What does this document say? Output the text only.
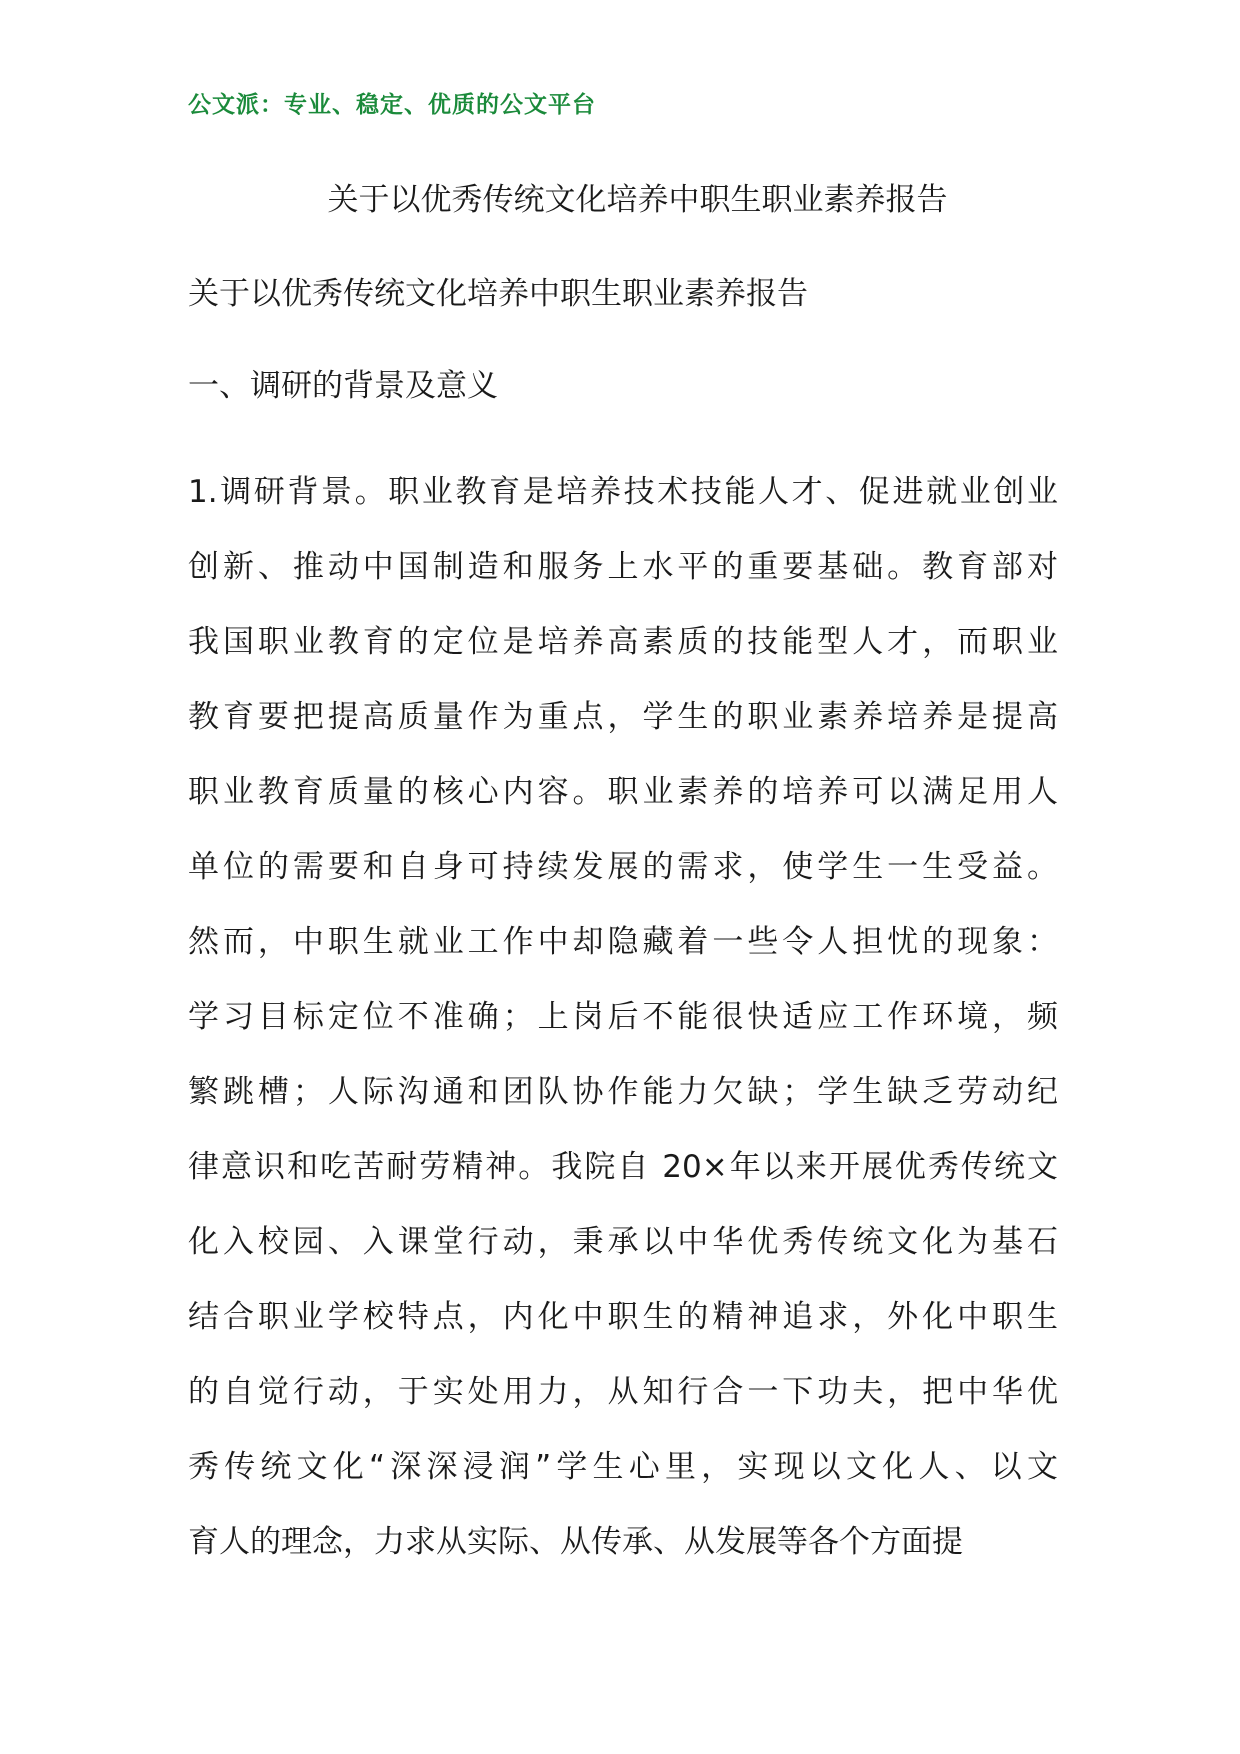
公文派：专业、稳定、优质的公文平台
关于以优秀传统文化培养中职生职业素养报告
关于以优秀传统文化培养中职生职业素养报告
一、调研的背景及意义
1.调研背景。职业教育是培养技术技能人才、促进就业创业
创新、推动中国制造和服务上水平的重要基础。教育部对
我国职业教育的定位是培养高素质的技能型人才，而职业
教育要把提高质量作为重点，学生的职业素养培养是提高
职业教育质量的核心内容。职业素养的培养可以满足用人
单位的需要和自身可持续发展的需求，使学生一生受益。
然而，中职生就业工作中却隐藏着一些令人担忧的现象：
学习目标定位不准确；上岗后不能很快适应工作环境，频
繁跳槽；人际沟通和团队协作能力欠缺；学生缺乏劳动纪
律意识和吃苦耐劳精神。我院自 20×年以来开展优秀传统文
化入校园、入课堂行动，秉承以中华优秀传统文化为基石
结合职业学校特点，内化中职生的精神追求，外化中职生
的自觉行动，于实处用力，从知行合一下功夫，把中华优
秀传统文化“深深浸润”学生心里，实现以文化人、以文
育人的理念，力求从实际、从传承、从发展等各个方面提
